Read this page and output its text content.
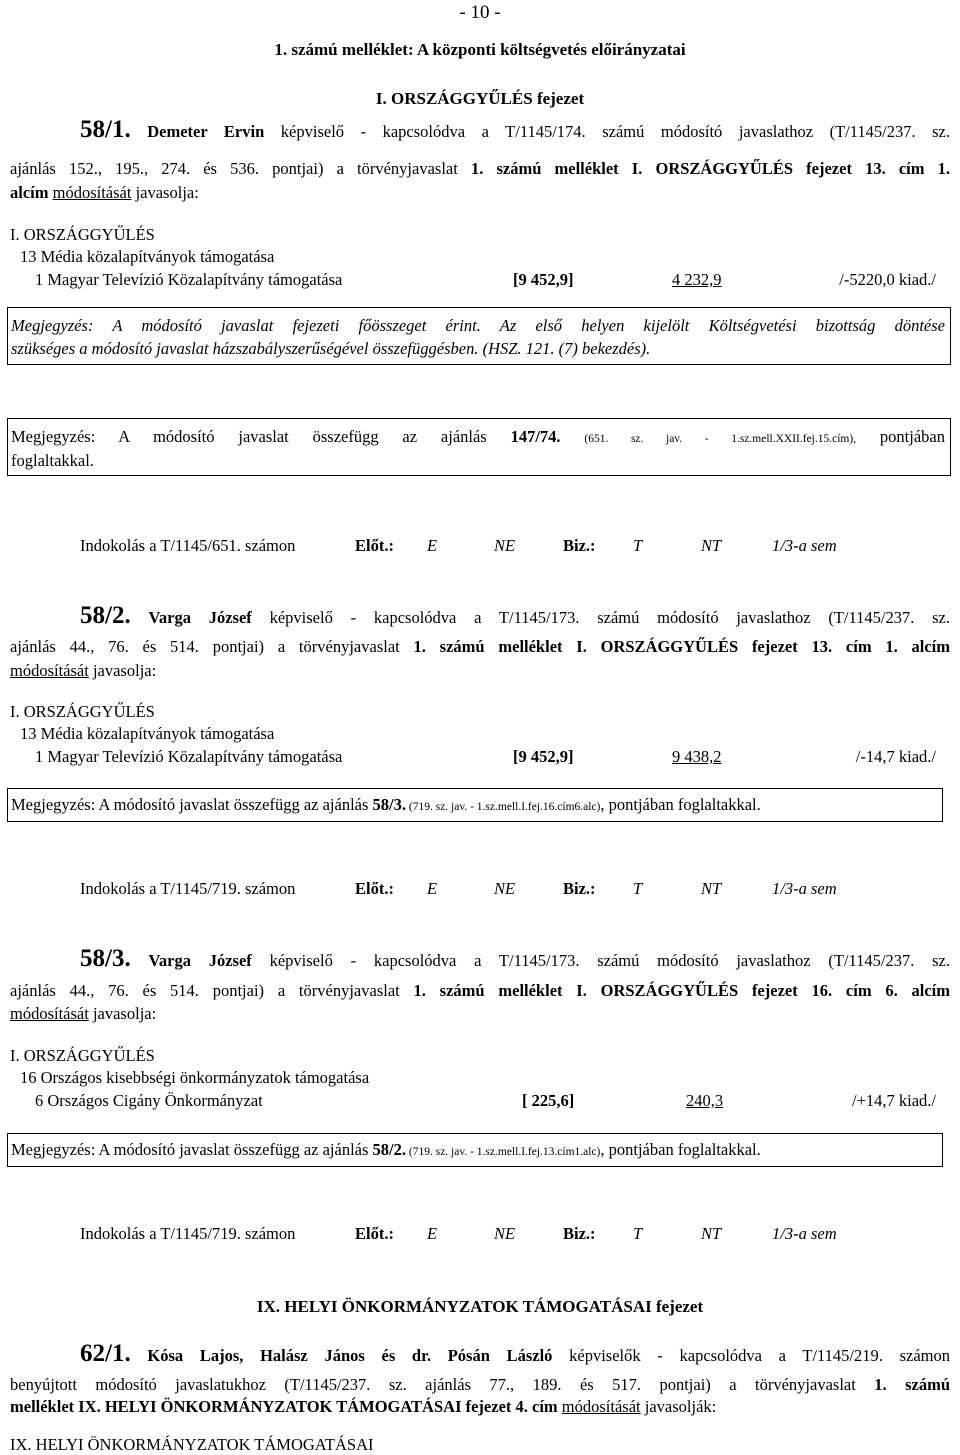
- 10 -
1. számú melléklet: A központi költségvetés előirányzatai
I. ORSZÁGGYŰLÉS fejezet
58/1. Demeter Ervin képviselő - kapcsolódva a T/1145/174. számú módosító javaslathoz (T/1145/237. sz.
ajánlás 152., 195., 274. és 536. pontjai) a törvényjavaslat 1. számú melléklet I. ORSZÁGGYŰLÉS fejezet 13. cím 1.
alcím módosítását javasolja:
I. ORSZÁGGYŰLÉS
13 Média közalapítványok támogatása
1 Magyar Televízió Közalapítvány támogatása	[9 452,9]	4 232,9	/-5220,0 kiad./
Megjegyzés: A módosító javaslat fejezeti főösszeget érint. Az első helyen kijelölt Költségvetési bizottság döntése
szükséges a módosító javaslat házszabályszerűségével összefüggésben. (HSZ. 121. (7) bekezdés).
Megjegyzés: A módosító javaslat összefügg az ajánlás 147/74. (651. sz. jav. - 1.sz.mell.XXII.fej.15.cím), pontjában
foglaltakkal.
Indokolás a T/1145/651. számon	Előt.: E	NE	Biz.: T	NT	1/3-a sem
58/2. Varga József képviselő - kapcsolódva a T/1145/173. számú módosító javaslathoz (T/1145/237. sz.
ajánlás 44., 76. és 514. pontjai) a törvényjavaslat 1. számú melléklet I. ORSZÁGGYŰLÉS fejezet 13. cím 1. alcím
módosítását javasolja:
I. ORSZÁGGYŰLÉS
13 Média közalapítványok támogatása
1 Magyar Televízió Közalapítvány támogatása	[9 452,9]	9 438,2	/-14,7 kiad./
Megjegyzés: A módosító javaslat összefügg az ajánlás 58/3. (719. sz. jav. - 1.sz.mell.I.fej.16.cím6.alc), pontjában foglaltakkal.
Indokolás a T/1145/719. számon	Előt.: E	NE	Biz.: T	NT	1/3-a sem
58/3. Varga József képviselő - kapcsolódva a T/1145/173. számú módosító javaslathoz (T/1145/237. sz.
ajánlás 44., 76. és 514. pontjai) a törvényjavaslat 1. számú melléklet I. ORSZÁGGYŰLÉS fejezet 16. cím 6. alcím
módosítását javasolja:
I. ORSZÁGGYŰLÉS
16 Országos kisebbségi önkormányzatok támogatása
6 Országos Cigány Önkormányzat	[ 225,6]	240,3	/+14,7 kiad./
Megjegyzés: A módosító javaslat összefügg az ajánlás 58/2. (719. sz. jav. - 1.sz.mell.I.fej.13.cím1.alc), pontjában foglaltakkal.
Indokolás a T/1145/719. számon	Előt.: E	NE	Biz.: T	NT	1/3-a sem
IX. HELYI ÖNKORMÁNYZATOK TÁMOGATÁSAI fejezet
62/1. Kósa Lajos, Halász János és dr. Pósán László képviselők - kapcsolódva a T/1145/219. számon
benyújtott módosító javaslatukhoz (T/1145/237. sz. ajánlás 77., 189. és 517. pontjai) a törvényjavaslat 1. számú
melléklet IX. HELYI ÖNKORMÁNYZATOK TÁMOGATÁSAI fejezet 4. cím módosítását javasolják:
IX. HELYI ÖNKORMÁNYZATOK TÁMOGATÁSAI
